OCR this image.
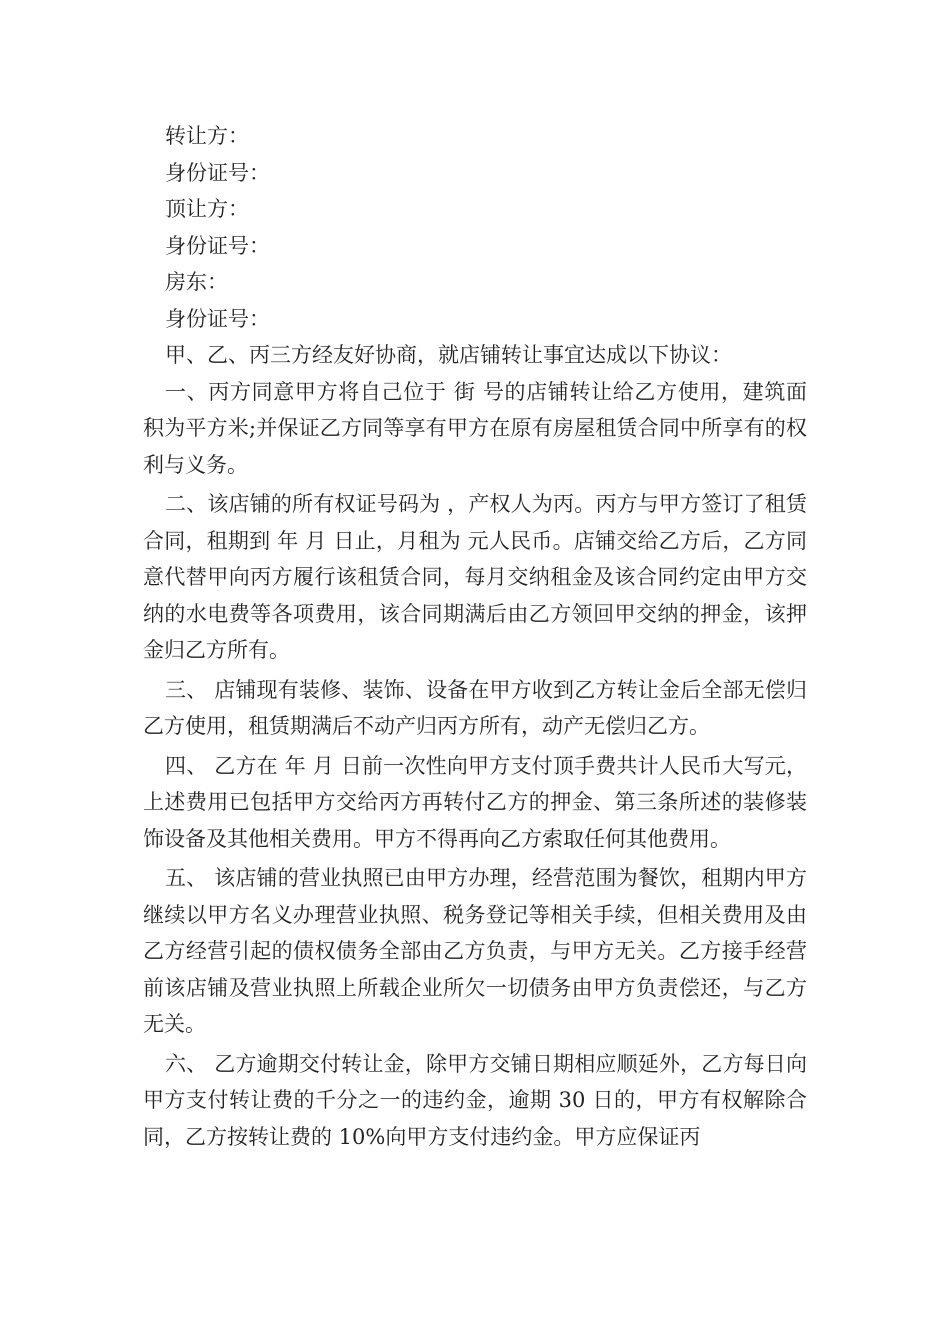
转让方：

身份证号：

顶让方：

身份证号：

房东：

身份证号：

甲、乙、丙三方经友好协商，就店铺转让事宜达成以下协议：

一、丙方同意甲方将自己位于 街 号的店铺转让给乙方使用，建筑面积为平方米;并保证乙方同等享有甲方在原有房屋租赁合同中所享有的权利与义务。

二、该店铺的所有权证号码为 ，产权人为丙。丙方与甲方签订了租赁合同，租期到 年 月 日止，月租为 元人民币。店铺交给乙方后，乙方同意代替甲向丙方履行该租赁合同，每月交纳租金及该合同约定由甲方交纳的水电费等各项费用，该合同期满后由乙方领回甲交纳的押金，该押金归乙方所有。

三、 店铺现有装修、装饰、设备在甲方收到乙方转让金后全部无偿归乙方使用，租赁期满后不动产归丙方所有，动产无偿归乙方。

四、 乙方在 年 月 日前一次性向甲方支付顶手费共计人民币大写元，上述费用已包括甲方交给丙方再转付乙方的押金、第三条所述的装修装饰设备及其他相关费用。甲方不得再向乙方索取任何其他费用。

五、 该店铺的营业执照已由甲方办理，经营范围为餐饮，租期内甲方继续以甲方名义办理营业执照、税务登记等相关手续，但相关费用及由乙方经营引起的债权债务全部由乙方负责，与甲方无关。乙方接手经营前该店铺及营业执照上所载企业所欠一切债务由甲方负责偿还，与乙方无关。

六、 乙方逾期交付转让金，除甲方交铺日期相应顺延外，乙方每日向甲方支付转让费的千分之一的违约金，逾期 30 日的，甲方有权解除合同，乙方按转让费的 10%向甲方支付违约金。甲方应保证丙
